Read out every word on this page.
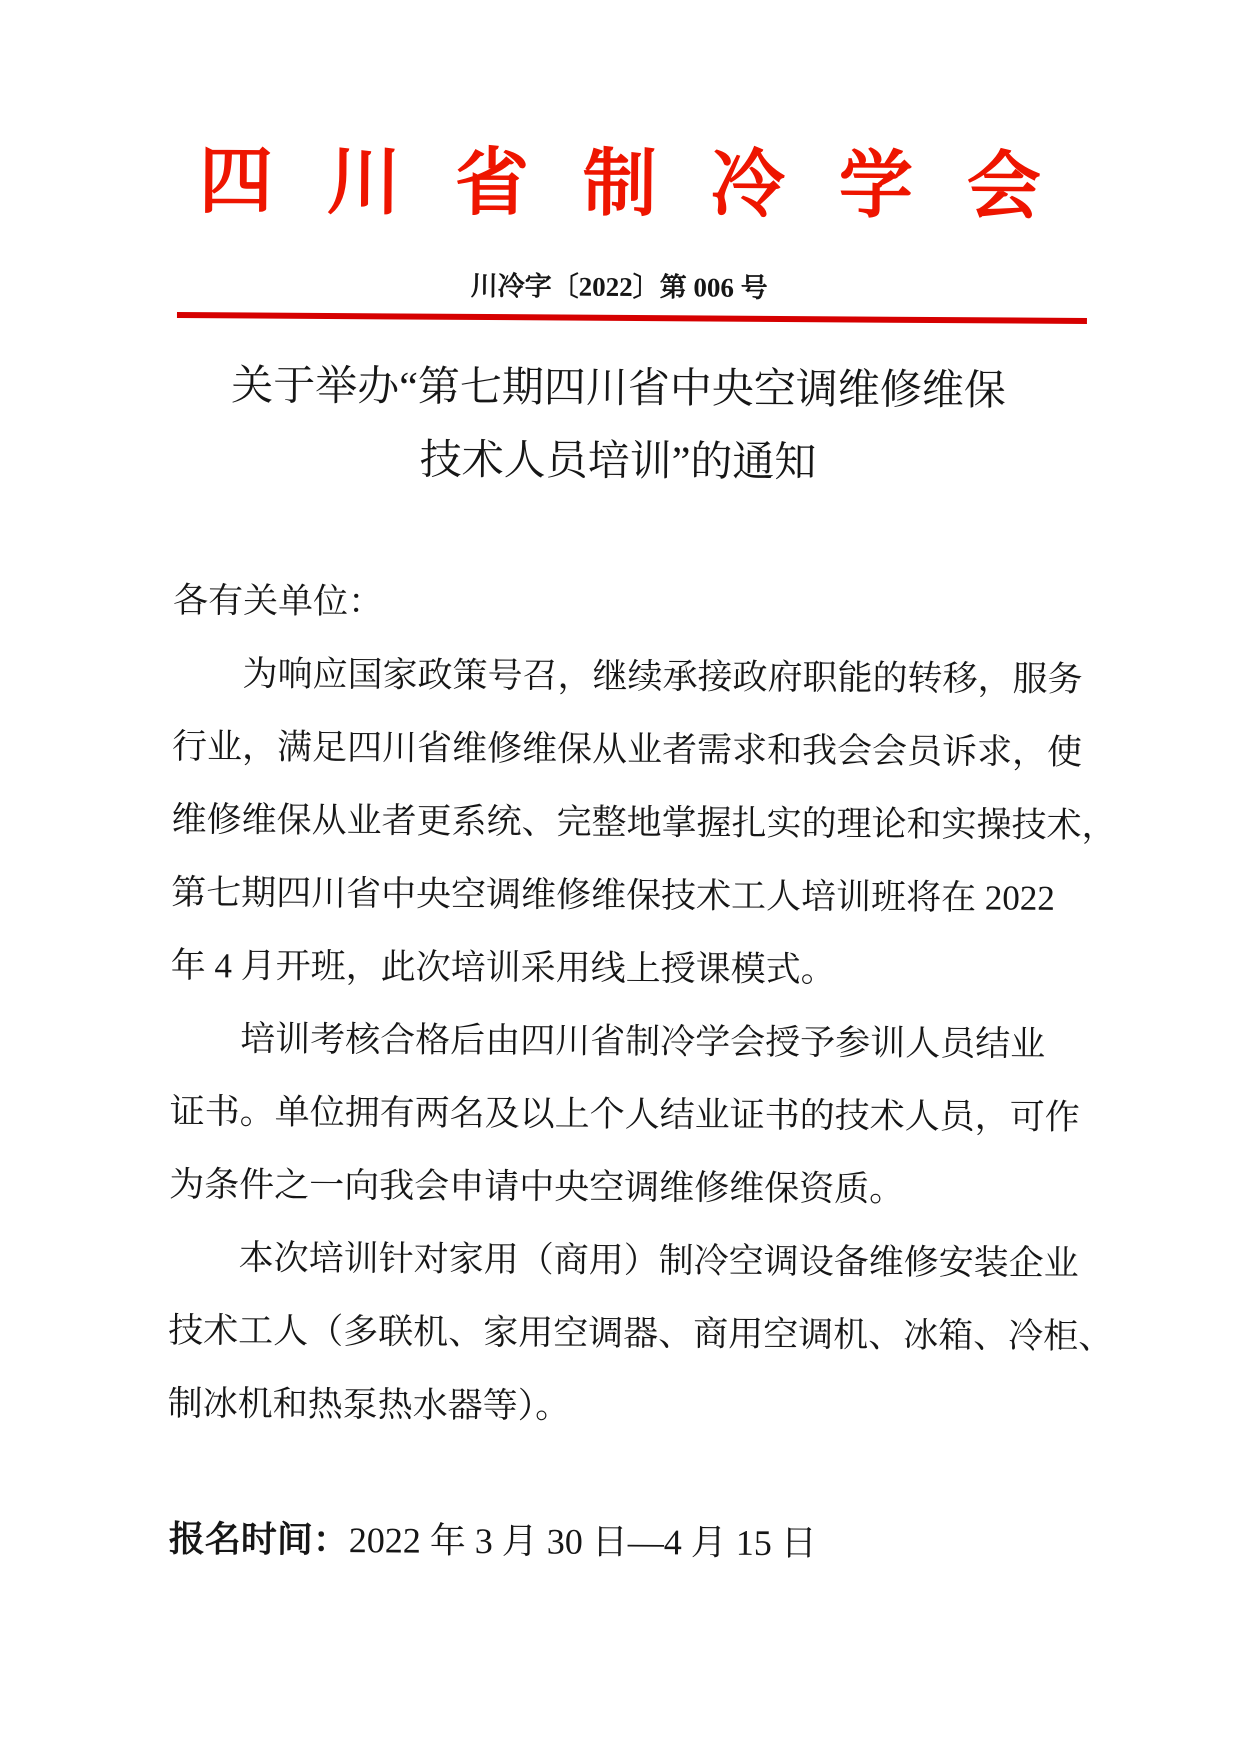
四川省制冷学会
川冷字〔2022〕第 006 号
关于举办“第七期四川省中央空调维修维保
技术人员培训”的通知
各有关单位：
为响应国家政策号召，继续承接政府职能的转移，服务
行业，满足四川省维修维保从业者需求和我会会员诉求，使
维修维保从业者更系统、完整地掌握扎实的理论和实操技术，
第七期四川省中央空调维修维保技术工人培训班将在 2022
年 4 月开班，此次培训采用线上授课模式。
培训考核合格后由四川省制冷学会授予参训人员结业
证书。单位拥有两名及以上个人结业证书的技术人员，可作
为条件之一向我会申请中央空调维修维保资质。
本次培训针对家用（商用）制冷空调设备维修安装企业
技术工人（多联机、家用空调器、商用空调机、冰箱、冷柜、
制冰机和热泵热水器等）。
报名时间：2022 年 3 月 30 日—4 月 15 日
